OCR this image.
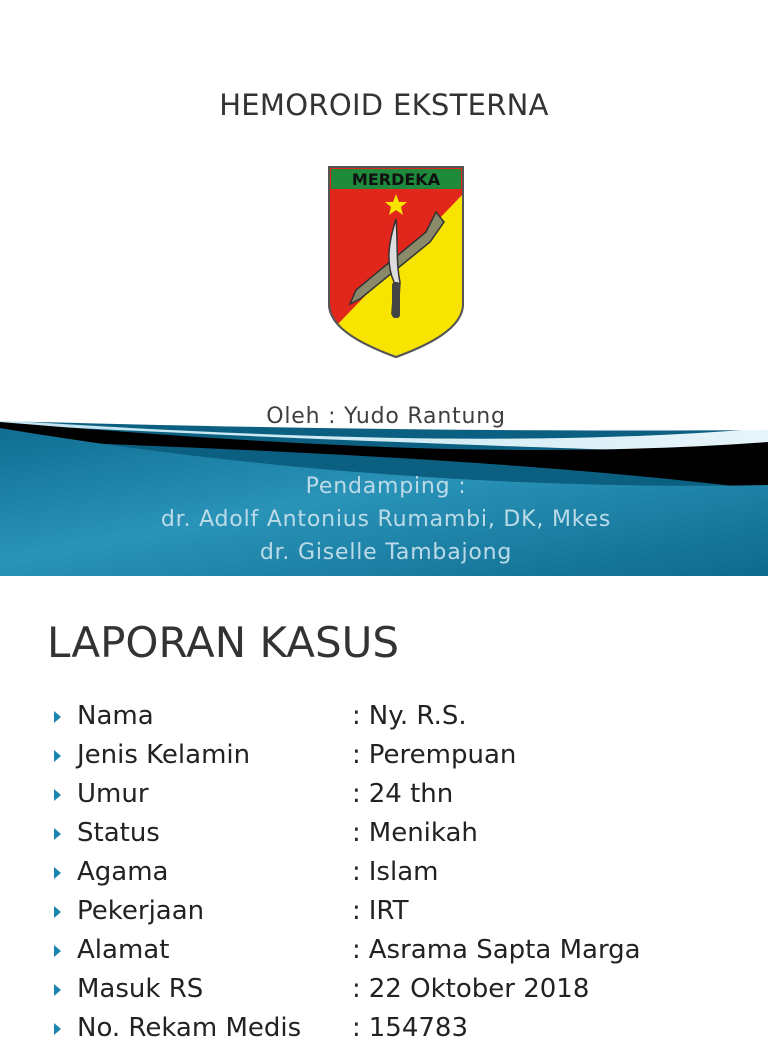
HEMOROID EKSTERNA
MERDEKA
Oleh : Yudo Rantung
Pendamping :
dr. Adolf Antonius Rumambi, DK, Mkes
dr. Giselle Tambajong
LAPORAN KASUS
Nama	: Ny. R.S.
Jenis Kelamin	: Perempuan
Umur	: 24 thn
Status	: Menikah
Agama	: Islam
Pekerjaan	: IRT
Alamat	: Asrama Sapta Marga
Masuk RS	: 22 Oktober 2018
No. Rekam Medis : 154783
